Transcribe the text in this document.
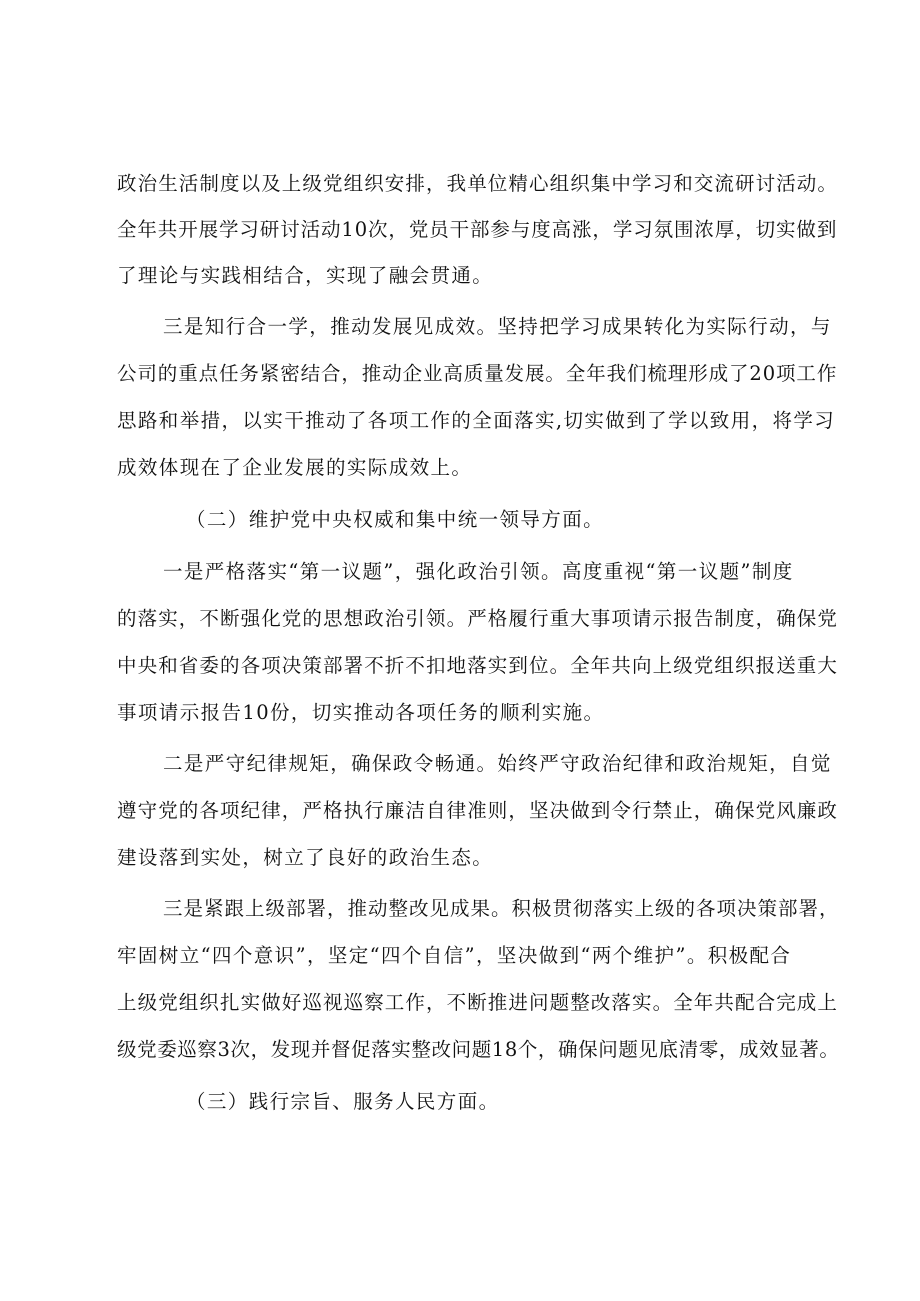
政治生活制度以及上级党组织安排，我单位精心组织集中学习和交流研讨活动。
全年共开展学习研讨活动10次，党员干部参与度高涨，学习氛围浓厚，切实做到
了理论与实践相结合，实现了融会贯通。
三是知行合一学，推动发展见成效。坚持把学习成果转化为实际行动，与
公司的重点任务紧密结合，推动企业高质量发展。全年我们梳理形成了20项工作
思路和举措，以实干推动了各项工作的全面落实,切实做到了学以致用，将学习
成效体现在了企业发展的实际成效上。
（二）维护党中央权威和集中统一领导方面。
一是严格落实“第一议题”，强化政治引领。高度重视“第一议题”制度
的落实，不断强化党的思想政治引领。严格履行重大事项请示报告制度，确保党
中央和省委的各项决策部署不折不扣地落实到位。全年共向上级党组织报送重大
事项请示报告10份，切实推动各项任务的顺利实施。
二是严守纪律规矩，确保政令畅通。始终严守政治纪律和政治规矩，自觉
遵守党的各项纪律，严格执行廉洁自律准则，坚决做到令行禁止，确保党风廉政
建设落到实处，树立了良好的政治生态。
三是紧跟上级部署，推动整改见成果。积极贯彻落实上级的各项决策部署，
牢固树立“四个意识”，坚定“四个自信”，坚决做到“两个维护”。积极配合
上级党组织扎实做好巡视巡察工作，不断推进问题整改落实。全年共配合完成上
级党委巡察3次，发现并督促落实整改问题18个，确保问题见底清零，成效显著。
（三）践行宗旨、服务人民方面。
